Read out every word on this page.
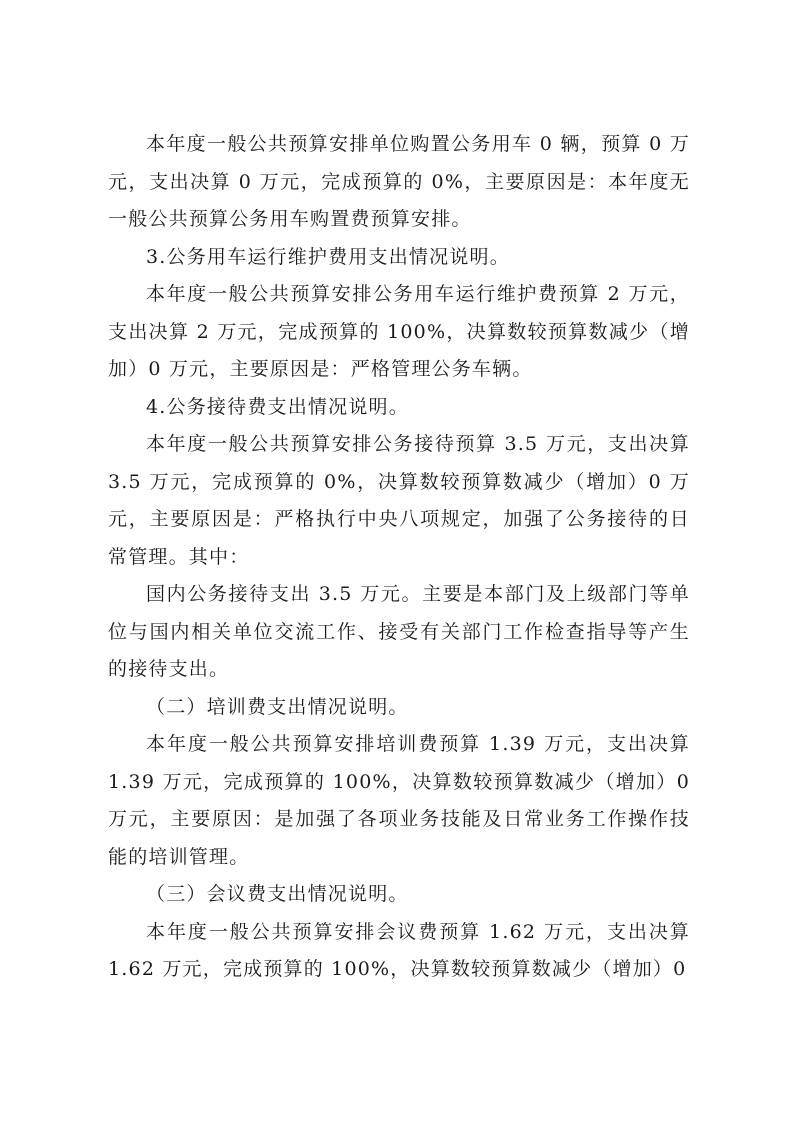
本年度一般公共预算安排单位购置公务用车 0 辆，预算 0 万元，支出决算 0 万元，完成预算的 0%，主要原因是：本年度无一般公共预算公务用车购置费预算安排。

3.公务用车运行维护费用支出情况说明。

本年度一般公共预算安排公务用车运行维护费预算 2 万元，支出决算 2 万元，完成预算的 100%，决算数较预算数减少（增加）0 万元，主要原因是：严格管理公务车辆。

4.公务接待费支出情况说明。

本年度一般公共预算安排公务接待预算 3.5 万元，支出决算 3.5 万元，完成预算的 0%，决算数较预算数减少（增加）0 万元，主要原因是：严格执行中央八项规定，加强了公务接待的日常管理。其中：

国内公务接待支出 3.5 万元。主要是本部门及上级部门等单位与国内相关单位交流工作、接受有关部门工作检查指导等产生的接待支出。

（二）培训费支出情况说明。

本年度一般公共预算安排培训费预算 1.39 万元，支出决算 1.39 万元，完成预算的 100%，决算数较预算数减少（增加）0 万元，主要原因：是加强了各项业务技能及日常业务工作操作技能的培训管理。

（三）会议费支出情况说明。

本年度一般公共预算安排会议费预算 1.62 万元，支出决算 1.62 万元，完成预算的 100%，决算数较预算数减少（增加）0
